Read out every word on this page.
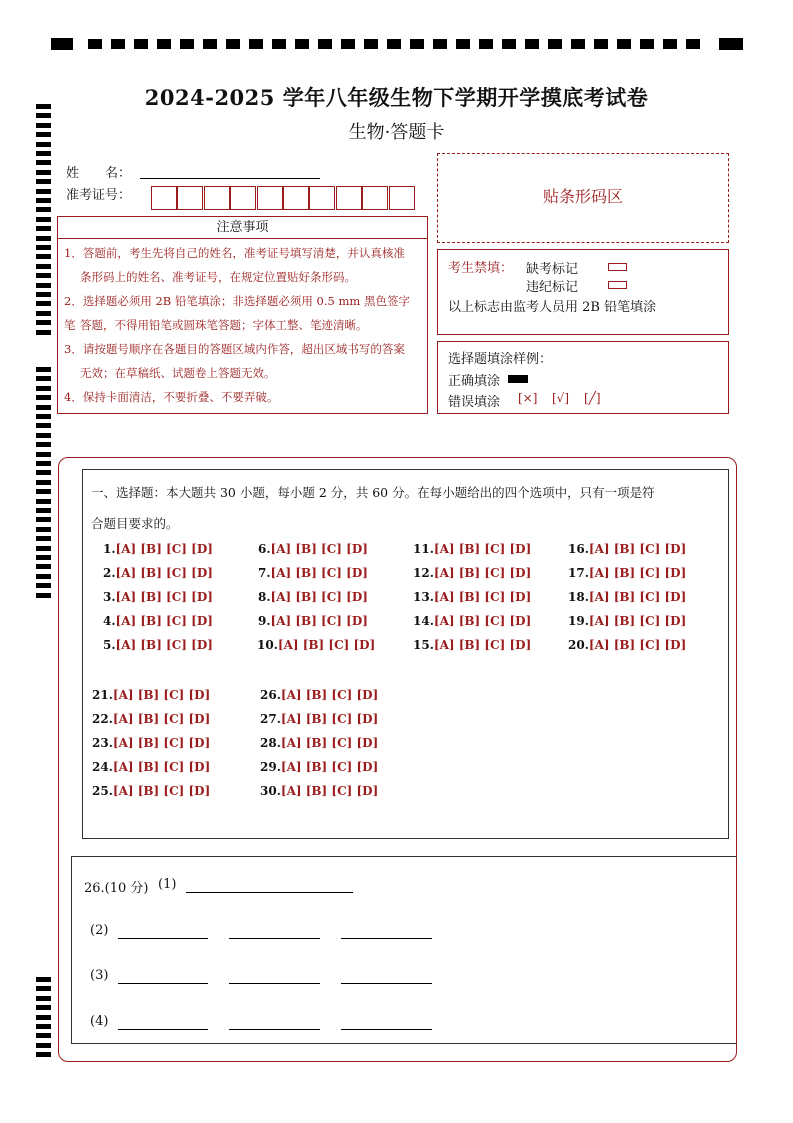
2024-2025 学年八年级生物下学期开学摸底考试卷
生物·答题卡
姓　　名：
准考证号：	贴条形码区
注意事项
1．答题前，考生先将自己的姓名，准考证号填写清楚，并认真核准
条形码上的姓名、准考证号，在规定位置贴好条形码。
2．选择题必须用 2B 铅笔填涂；非选择题必须用 0.5 mm 黑色签字笔 答题，不得用铅笔或圆珠笔答题；字体工整、笔迹清晰。
3．请按题号顺序在各题目的答题区域内作答，超出区域书写的答案
无效；在草稿纸、试题卷上答题无效。
4．保持卡面清洁，不要折叠、不要弄破。
考生禁填： 缺考标记
违纪标记
以上标志由监考人员用 2B 铅笔填涂
选择题填涂样例：
正确填涂
错误填涂 [×] [√] [╱]
一、选择题：本大题共 30 小题，每小题 2 分，共 60 分。在每小题给出的四个选项中，只有一项是符
合题目要求的。
1.[A] [B] [C] [D]
2.[A] [B] [C] [D]
3.[A] [B] [C] [D]
4.[A] [B] [C] [D]
5.[A] [B] [C] [D]
6.[A] [B] [C] [D]
7.[A] [B] [C] [D]
8.[A] [B] [C] [D]
9.[A] [B] [C] [D]
10.[A] [B] [C] [D]
11.[A] [B] [C] [D]
12.[A] [B] [C] [D]
13.[A] [B] [C] [D]
14.[A] [B] [C] [D]
15.[A] [B] [C] [D]
16.[A] [B] [C] [D]
17.[A] [B] [C] [D]
18.[A] [B] [C] [D]
19.[A] [B] [C] [D]
20.[A] [B] [C] [D]
21.[A] [B] [C] [D]
22.[A] [B] [C] [D]
23.[A] [B] [C] [D]
24.[A] [B] [C] [D]
25.[A] [B] [C] [D]
26.[A] [B] [C] [D]
27.[A] [B] [C] [D]
28.[A] [B] [C] [D]
29.[A] [B] [C] [D]
30.[A] [B] [C] [D]
26.(10 分) (1)
(2)
(3)
(4)
